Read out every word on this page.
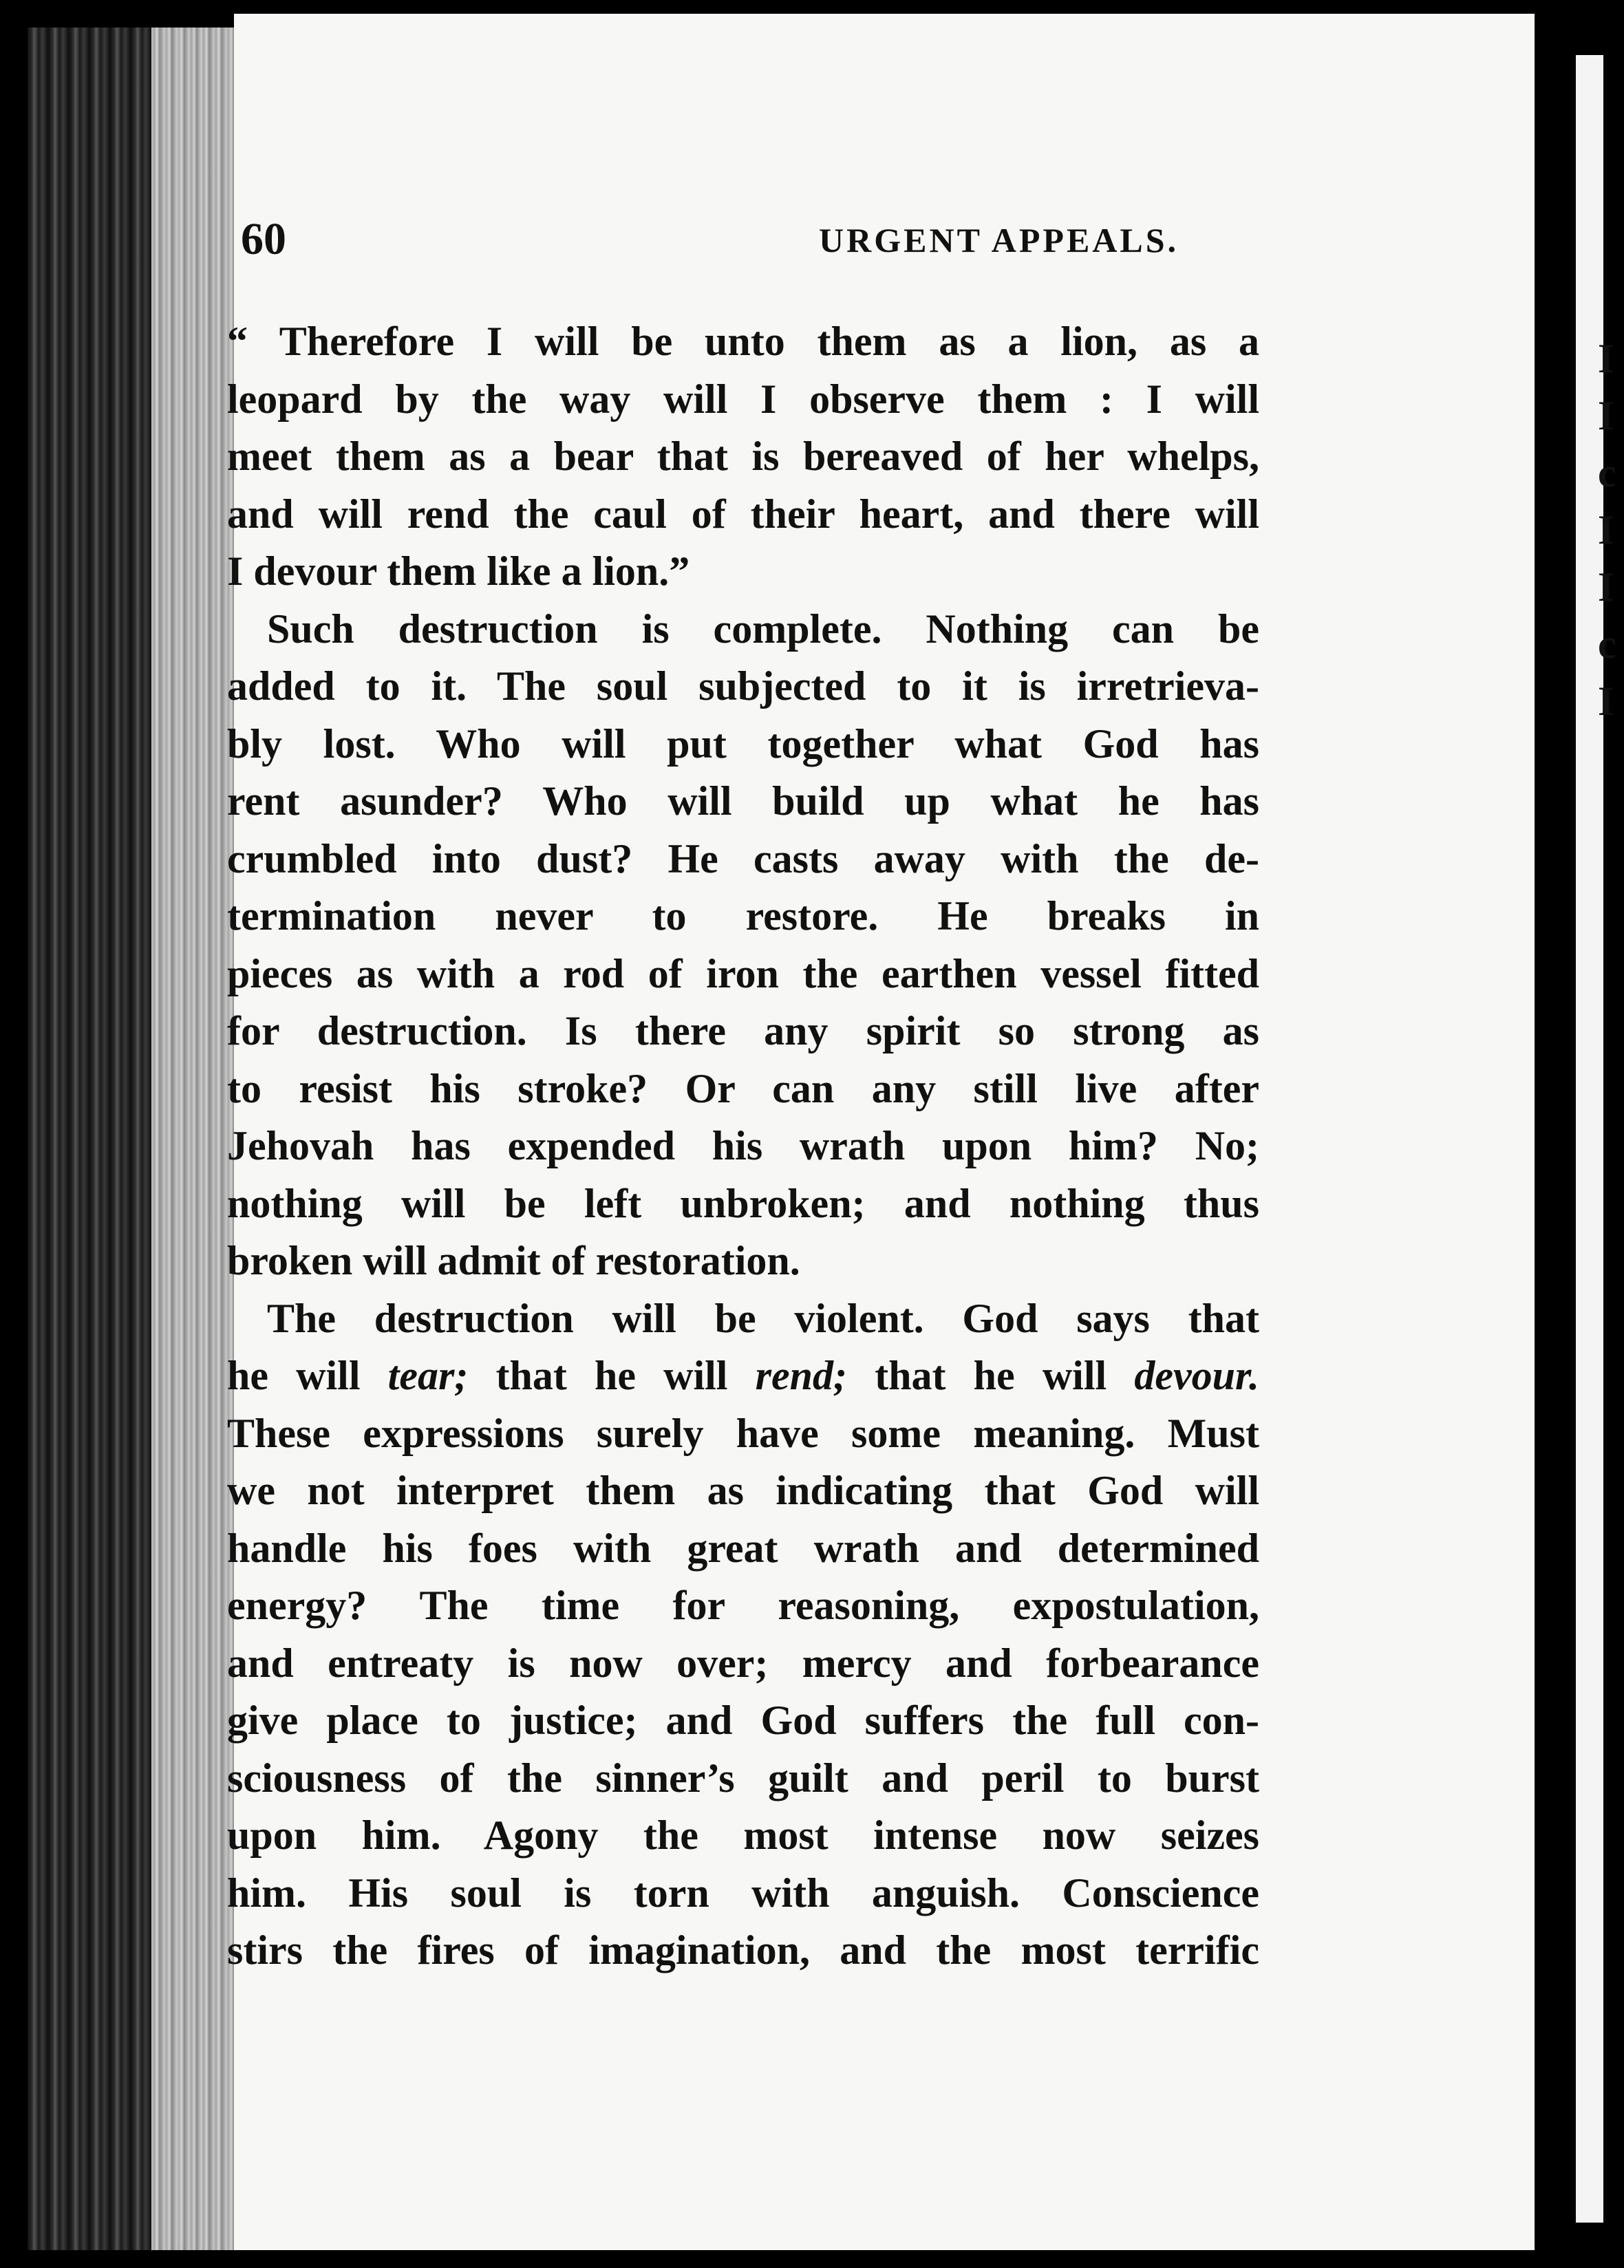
60	URGENT APPEALS.
“ Therefore I will be unto them as a lion, as a
leopard by the way will I observe them : I will
meet them as a bear that is bereaved of her whelps,
and will rend the caul of their heart, and there will
I devour them like a lion.”
Such destruction is complete. Nothing can be
added to it. The soul subjected to it is irretrieva-
bly lost. Who will put together what God has
rent asunder? Who will build up what he has
crumbled into dust? He casts away with the de-
termination never to restore. He breaks in
pieces as with a rod of iron the earthen vessel fitted
for destruction. Is there any spirit so strong as
to resist his stroke? Or can any still live after
Jehovah has expended his wrath upon him? No;
nothing will be left unbroken; and nothing thus
broken will admit of restoration.
The destruction will be violent. God says that
he will tear; that he will rend; that he will devour.
These expressions surely have some meaning. Must
we not interpret them as indicating that God will
handle his foes with great wrath and determined
energy? The time for reasoning, expostulation,
and entreaty is now over; mercy and forbearance
give place to justice; and God suffers the full con-
sciousness of the sinner’s guilt and peril to burst
upon him. Agony the most intense now seizes
him. His soul is torn with anguish. Conscience
stirs the fires of imagination, and the most terrific
I
I
c
I
I
c
I
